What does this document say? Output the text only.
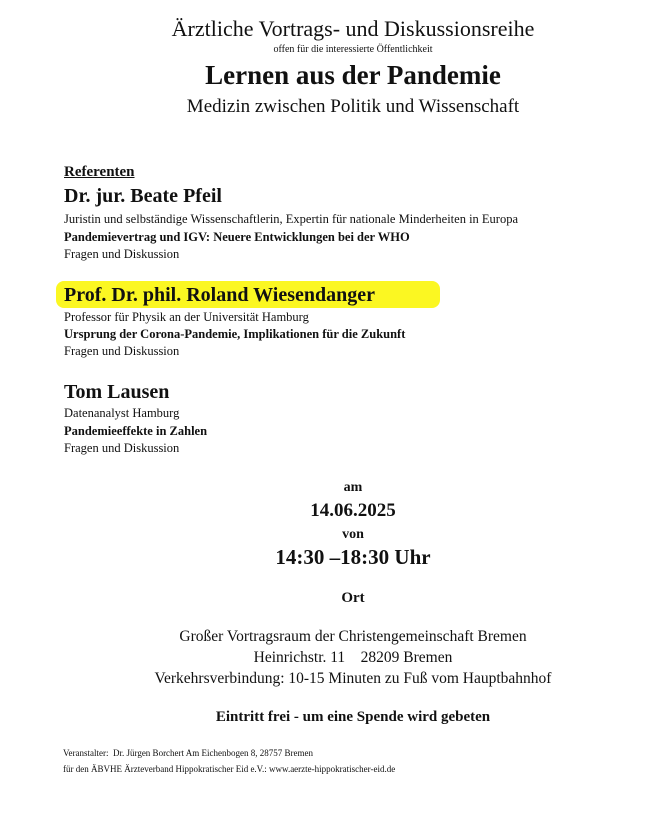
Ärztliche Vortrags- und Diskussionsreihe
offen für die interessierte Öffentlichkeit
Lernen aus der Pandemie
Medizin zwischen Politik und Wissenschaft
Referenten
Dr. jur. Beate Pfeil
Juristin und selbständige Wissenschaftlerin, Expertin für nationale Minderheiten in Europa
Pandemievertrag und IGV: Neuere Entwicklungen bei der WHO
Fragen und Diskussion
Prof. Dr. phil. Roland Wiesendanger
Professor für Physik an der Universität Hamburg
Ursprung der Corona-Pandemie, Implikationen für die Zukunft
Fragen und Diskussion
Tom Lausen
Datenanalyst Hamburg
Pandemieeffekte in Zahlen
Fragen und Diskussion
am
14.06.2025
von
14:30 –18:30 Uhr
Ort
Großer Vortragsraum der Christengemeinschaft Bremen
Heinrichstr. 11    28209 Bremen
Verkehrsverbindung: 10-15 Minuten zu Fuß vom Hauptbahnhof
Eintritt frei - um eine Spende wird gebeten
Veranstalter:  Dr. Jürgen Borchert Am Eichenbogen 8, 28757 Bremen
für den ÄBVHE Ärzteverband Hippokratischer Eid e.V.: www.aerzte-hippokratischer-eid.de
